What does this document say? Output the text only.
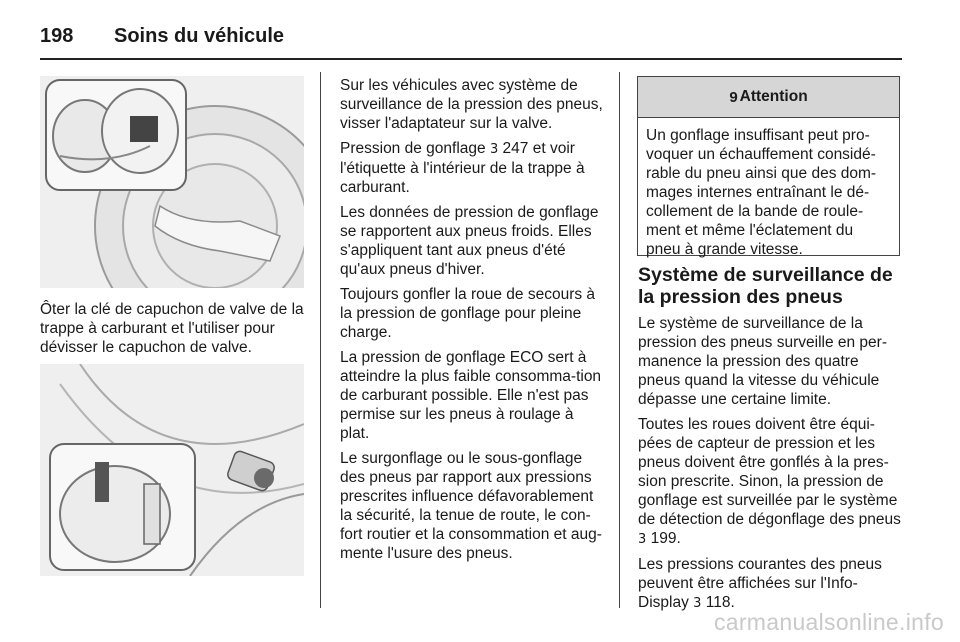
198	Soins du véhicule

Ôter la clé de capuchon de valve de la trappe à carburant et l'utiliser pour dévisser le capuchon de valve.

Sur les véhicules avec système de surveillance de la pression des pneus, visser l'adaptateur sur la valve.

Pression de gonflage 3 247 et voir l'étiquette à l'intérieur de la trappe à carburant.

Les données de pression de gonflage se rapportent aux pneus froids. Elles s'appliquent tant aux pneus d'été qu'aux pneus d'hiver.

Toujours gonfler la roue de secours à la pression de gonflage pour pleine charge.

La pression de gonflage ECO sert à atteindre la plus faible consomma-tion de carburant possible. Elle n'est pas permise sur les pneus à roulage à plat.

Le surgonflage ou le sous-gonflage des pneus par rapport aux pressions prescrites influence défavorablement la sécurité, la tenue de route, le con-fort routier et la consommation et aug-mente l'usure des pneus.

9 Attention
Un gonflage insuffisant peut pro-voquer un échauffement considé-rable du pneu ainsi que des dom-mages internes entraînant le dé-collement de la bande de roule-ment et même l'éclatement du pneu à grande vitesse.

Système de surveillance de la pression des pneus

Le système de surveillance de la pression des pneus surveille en per-manence la pression des quatre pneus quand la vitesse du véhicule dépasse une certaine limite.

Toutes les roues doivent être équi-pées de capteur de pression et les pneus doivent être gonflés à la pres-sion prescrite. Sinon, la pression de gonflage est surveillée par le système de détection de dégonflage des pneus 3 199.

Les pressions courantes des pneus peuvent être affichées sur l'Info-Display 3 118.

carmanualsonline.info
